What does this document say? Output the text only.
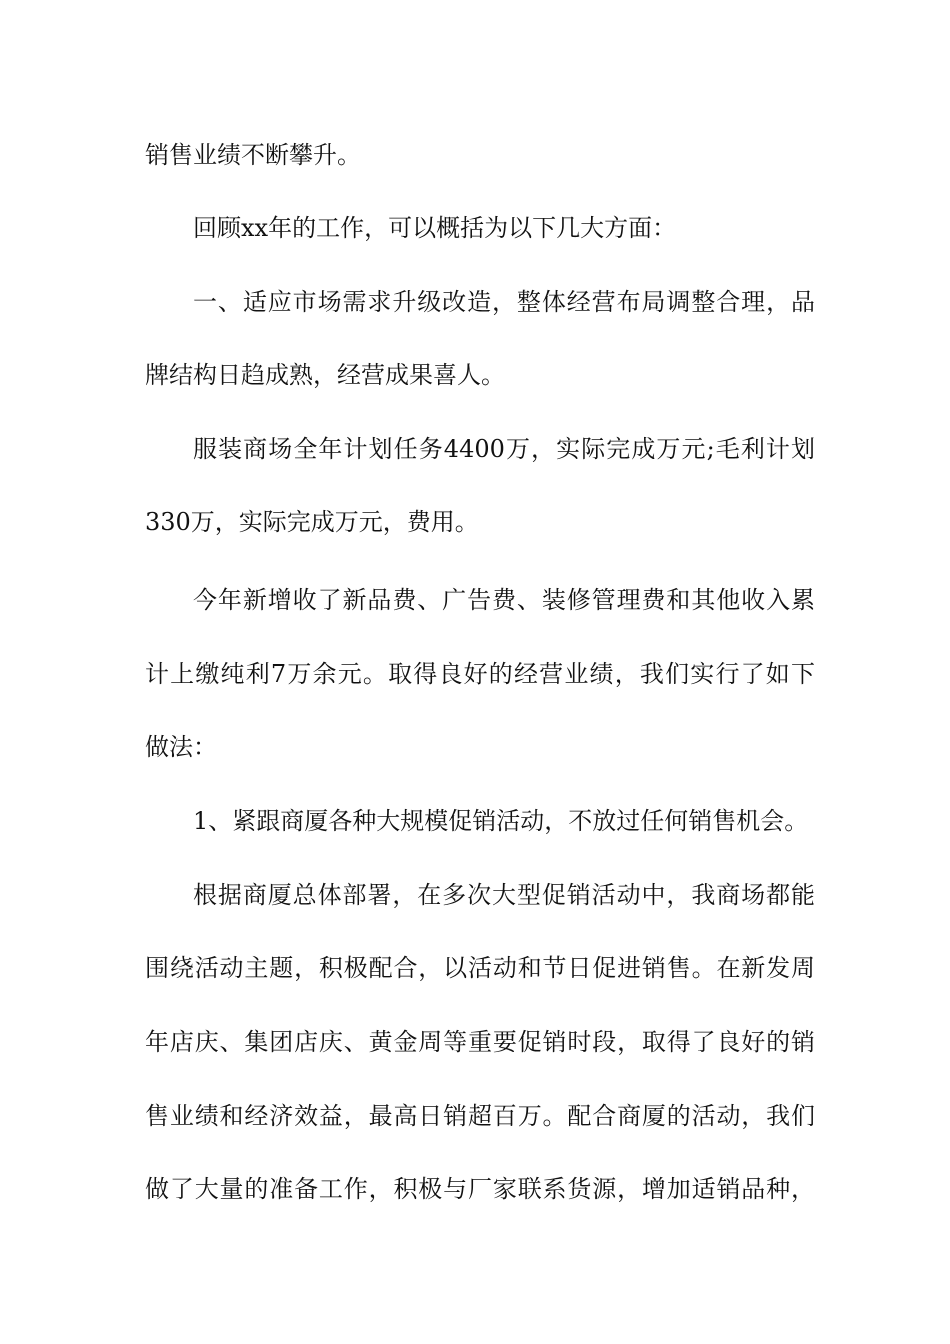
销售业绩不断攀升。
回顾xx年的工作，可以概括为以下几大方面：
一、适应市场需求升级改造，整体经营布局调整合理，品
牌结构日趋成熟，经营成果喜人。
服装商场全年计划任务4400万，实际完成万元;毛利计划
330万，实际完成万元，费用。
今年新增收了新品费、广告费、装修管理费和其他收入累
计上缴纯利7万余元。取得良好的经营业绩，我们实行了如下
做法：
1、紧跟商厦各种大规模促销活动，不放过任何销售机会。
根据商厦总体部署，在多次大型促销活动中，我商场都能
围绕活动主题，积极配合，以活动和节日促进销售。在新发周
年店庆、集团店庆、黄金周等重要促销时段，取得了良好的销
售业绩和经济效益，最高日销超百万。配合商厦的活动，我们
做了大量的准备工作，积极与厂家联系货源，增加适销品种，
